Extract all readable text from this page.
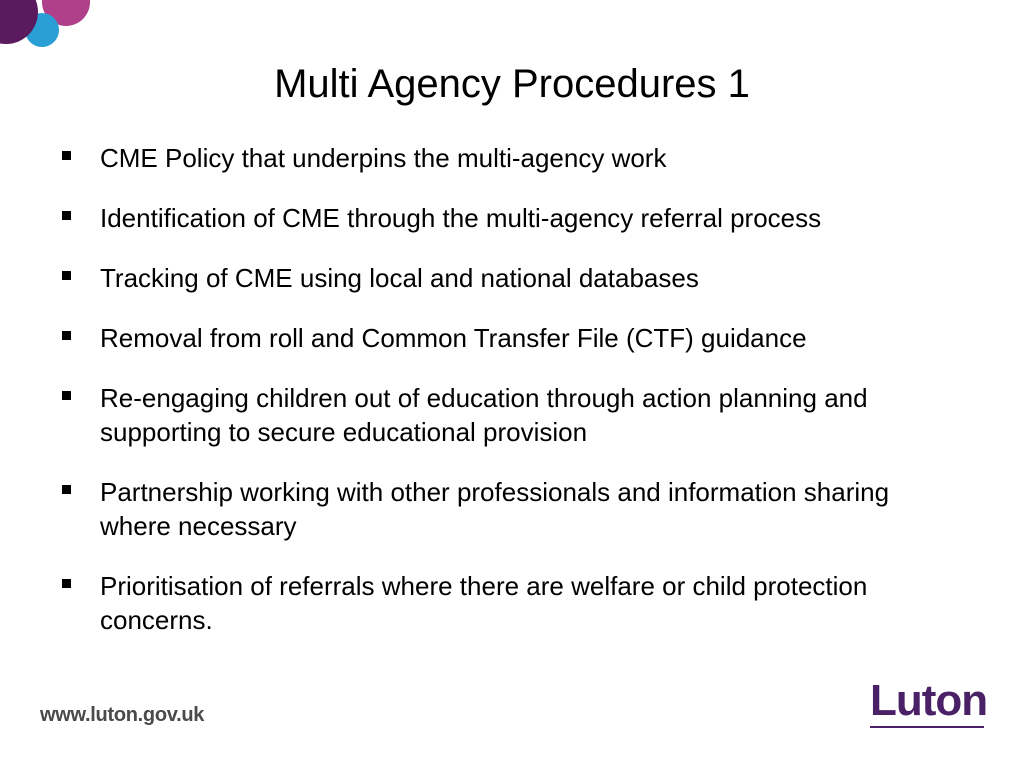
Multi Agency Procedures 1
CME Policy that underpins the multi-agency work
Identification of CME through the multi-agency referral process
Tracking of CME using local and national databases
Removal from roll and Common Transfer File (CTF) guidance
Re-engaging children out of education through action planning and supporting to secure educational provision
Partnership working with other professionals and information sharing where necessary
Prioritisation of referrals where there are welfare or child protection concerns.
www.luton.gov.uk	Luton
